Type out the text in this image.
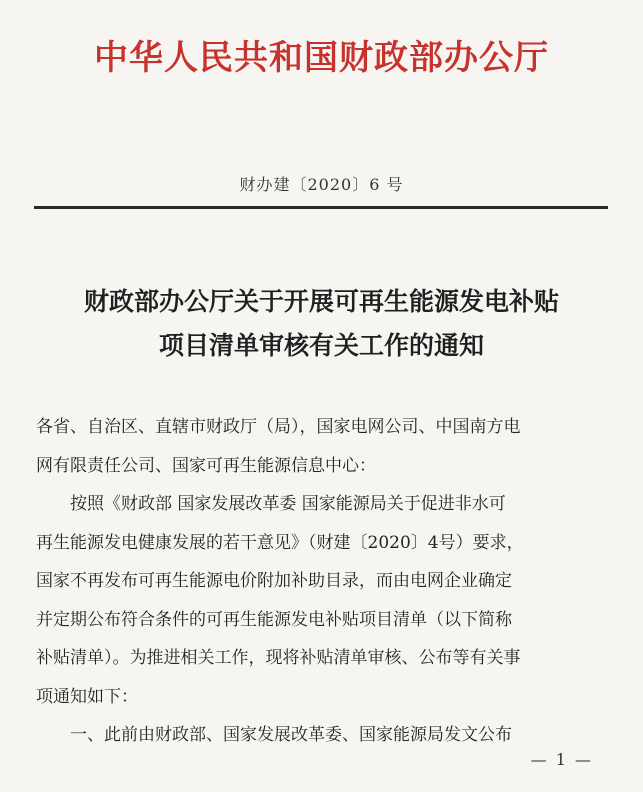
中华人民共和国财政部办公厅
财办建〔2020〕6 号
财政部办公厅关于开展可再生能源发电补贴
项目清单审核有关工作的通知
各省、自治区、直辖市财政厅（局），国家电网公司、中国南方电
网有限责任公司、国家可再生能源信息中心：
按照《财政部 国家发展改革委 国家能源局关于促进非水可
再生能源发电健康发展的若干意见》（财建〔2020〕4号）要求，
国家不再发布可再生能源电价附加补助目录，而由电网企业确定
并定期公布符合条件的可再生能源发电补贴项目清单（以下简称
补贴清单）。为推进相关工作，现将补贴清单审核、公布等有关事
项通知如下：
一、此前由财政部、国家发展改革委、国家能源局发文公布
— 1 —
